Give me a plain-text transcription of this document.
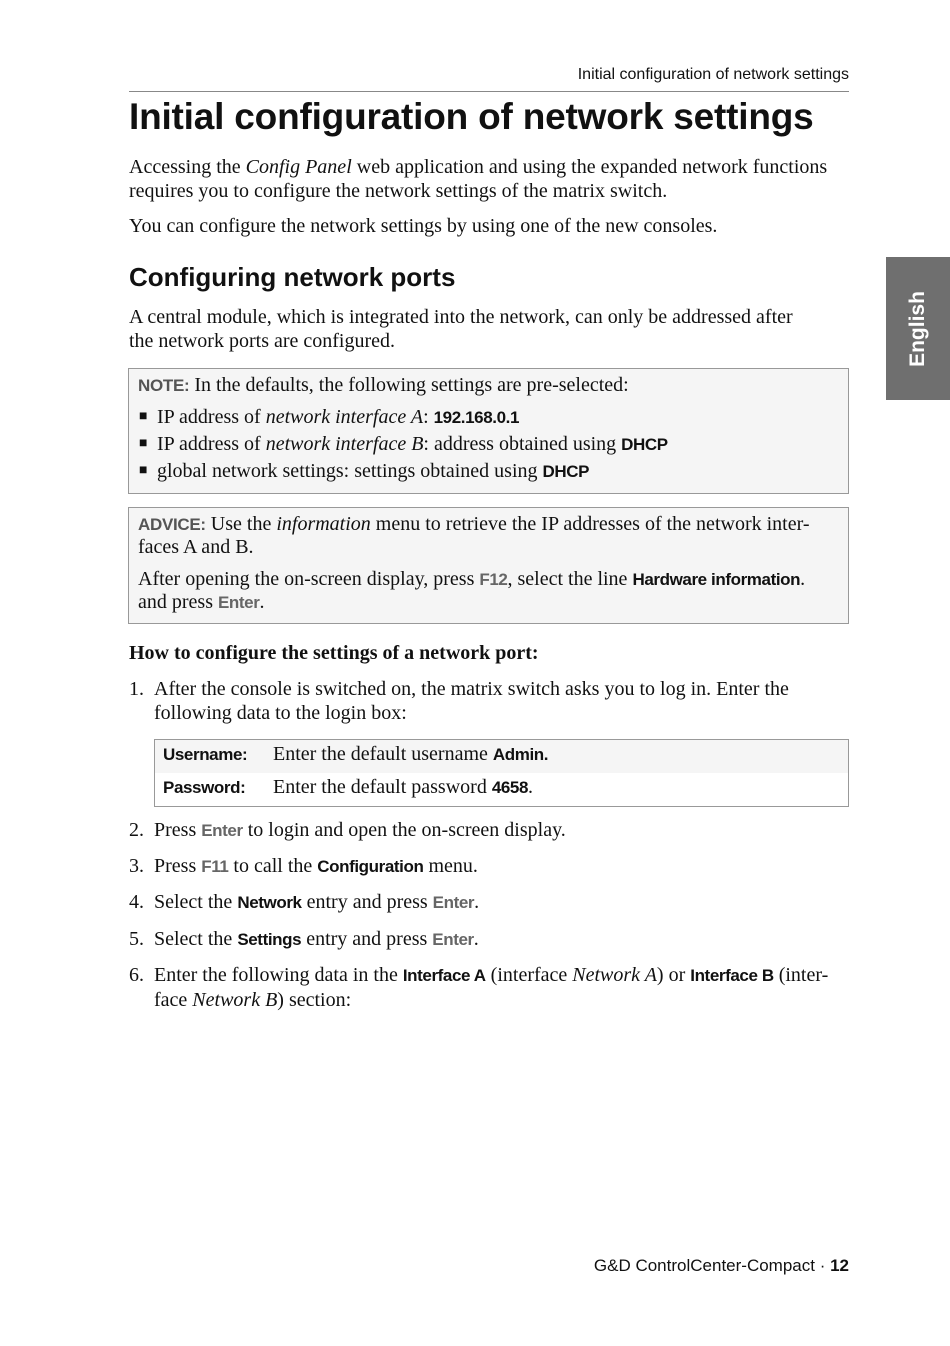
Initial configuration of network settings
Initial configuration of network settings
Accessing the Config Panel web application and using the expanded network functions
requires you to configure the network settings of the matrix switch.
You can configure the network settings by using one of the new consoles.
English
Configuring network ports
A central module, which is integrated into the network, can only be addressed after
the network ports are configured.
NOTE: In the defaults, the following settings are pre-selected:
■ IP address of network interface A: 192.168.0.1
■ IP address of network interface B: address obtained using DHCP
■ global network settings: settings obtained using DHCP
ADVICE: Use the information menu to retrieve the IP addresses of the network inter-
faces A and B.
After opening the on-screen display, press F12, select the line Hardware information.
and press Enter.
How to configure the settings of a network port:
1. After the console is switched on, the matrix switch asks you to log in. Enter the
following data to the login box:
Username: Enter the default username Admin.
Password: Enter the default password 4658.
2. Press Enter to login and open the on-screen display.
3. Press F11 to call the Configuration menu.
4. Select the Network entry and press Enter.
5. Select the Settings entry and press Enter.
6. Enter the following data in the Interface A (interface Network A) or Interface B (inter-
face Network B) section:
G&D ControlCenter-Compact · 12
